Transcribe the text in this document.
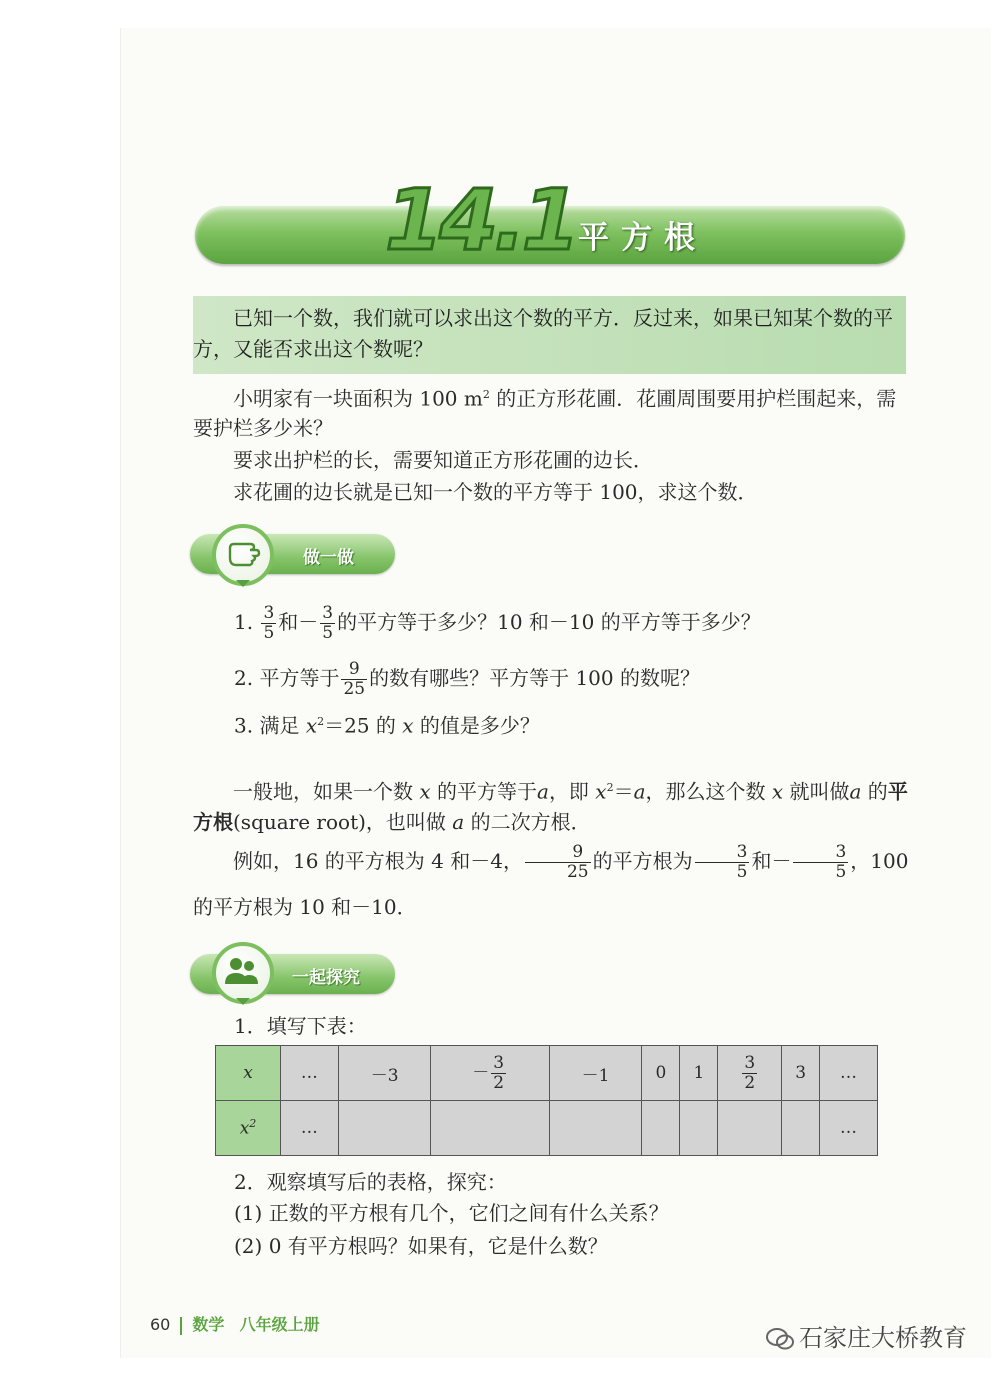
14.1 平方根
已知一个数，我们就可以求出这个数的平方．反过来，如果已知某个数的平方，又能否求出这个数呢？
小明家有一块面积为 100 $m^2$ 的正方形花圃．花圃周围要用护栏围起来，需要护栏多少米？
要求出护栏的长，需要知道正方形花圃的边长．
求花圃的边长就是已知一个数的平方等于 100，求这个数．
做一做
1. $\frac{3}{5}$ 和－ $\frac{3}{5}$ 的平方等于多少？10 和－10 的平方等于多少？
2. 平方等于 $\frac{9}{25}$ 的数有哪些？平方等于 100 的数呢？
3. 满足 $x^2=25$ 的 x 的值是多少？
一般地，如果一个数 x 的平方等于a，即 $x^2=a$，那么这个数 x 就叫做a 的平方根(square root)，也叫做 a 的二次方根．
例如，16 的平方根为 4 和－4， $\frac{9}{25}$ 的平方根为 $\frac{3}{5}$ 和－ $\frac{3}{5}$ ，100 的平方根为 10 和－10．
一起探究
1．填写下表：
x	…	－3	－ $\frac{3}{2}$	－1	0	1	$\frac{3}{2}$	3	…
$x^2$	…								…
2．观察填写后的表格，探究：
(1) 正数的平方根有几个，它们之间有什么关系？
(2) 0 有平方根吗？如果有，它是什么数？
60 数学 八年级上册	石家庄大桥教育
